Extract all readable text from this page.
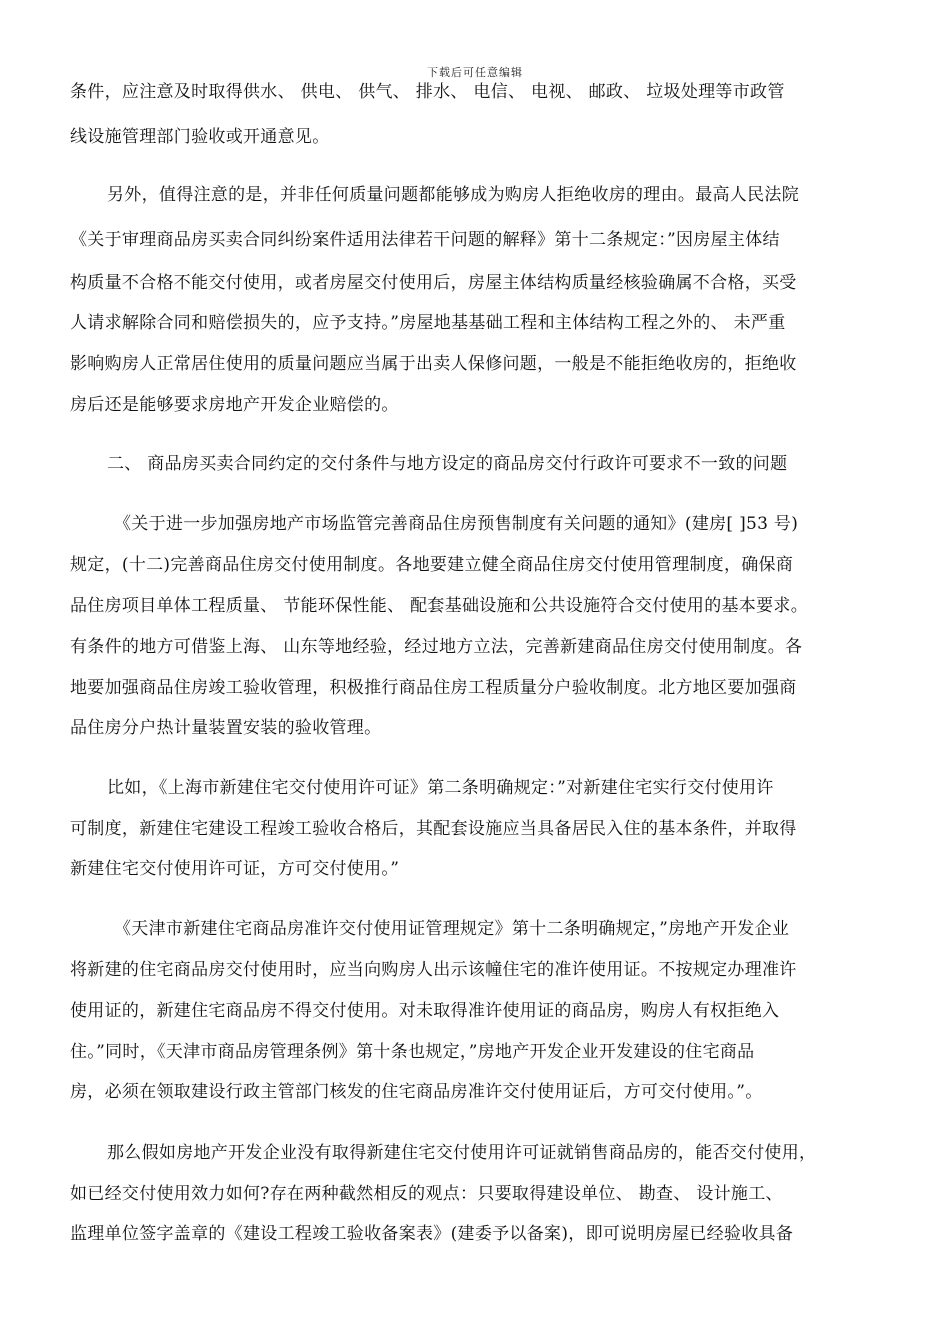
下载后可任意编辑
条件，应注意及时取得供水、 供电、 供气、 排水、 电信、 电视、 邮政、 垃圾处理等市政管
线设施管理部门验收或开通意见。
另外，值得注意的是，并非任何质量问题都能够成为购房人拒绝收房的理由。最高人民法院
《关于审理商品房买卖合同纠纷案件适用法律若干问题的解释》第十二条规定：”因房屋主体结
构质量不合格不能交付使用，或者房屋交付使用后，房屋主体结构质量经核验确属不合格，买受
人请求解除合同和赔偿损失的，应予支持。”房屋地基基础工程和主体结构工程之外的、 未严重
影响购房人正常居住使用的质量问题应当属于出卖人保修问题，一般是不能拒绝收房的，拒绝收
房后还是能够要求房地产开发企业赔偿的。
二、 商品房买卖合同约定的交付条件与地方设定的商品房交付行政许可要求不一致的问题
《关于进一步加强房地产市场监管完善商品住房预售制度有关问题的通知》(建房[ ]53 号)
规定，(十二)完善商品住房交付使用制度。各地要建立健全商品住房交付使用管理制度，确保商
品住房项目单体工程质量、 节能环保性能、 配套基础设施和公共设施符合交付使用的基本要求。
有条件的地方可借鉴上海、 山东等地经验，经过地方立法，完善新建商品住房交付使用制度。各
地要加强商品住房竣工验收管理，积极推行商品住房工程质量分户验收制度。北方地区要加强商
品住房分户热计量装置安装的验收管理。
比如，《上海市新建住宅交付使用许可证》第二条明确规定：”对新建住宅实行交付使用许
可制度，新建住宅建设工程竣工验收合格后，其配套设施应当具备居民入住的基本条件，并取得
新建住宅交付使用许可证，方可交付使用。”
《天津市新建住宅商品房准许交付使用证管理规定》第十二条明确规定，”房地产开发企业
将新建的住宅商品房交付使用时，应当向购房人出示该幢住宅的准许使用证。不按规定办理准许
使用证的，新建住宅商品房不得交付使用。对未取得准许使用证的商品房，购房人有权拒绝入
住。”同时，《天津市商品房管理条例》第十条也规定，”房地产开发企业开发建设的住宅商品
房，必须在领取建设行政主管部门核发的住宅商品房准许交付使用证后，方可交付使用。”。
那么假如房地产开发企业没有取得新建住宅交付使用许可证就销售商品房的，能否交付使用，
如已经交付使用效力如何?存在两种截然相反的观点：只要取得建设单位、 勘查、 设计施工、
监理单位签字盖章的《建设工程竣工验收备案表》(建委予以备案)，即可说明房屋已经验收具备
